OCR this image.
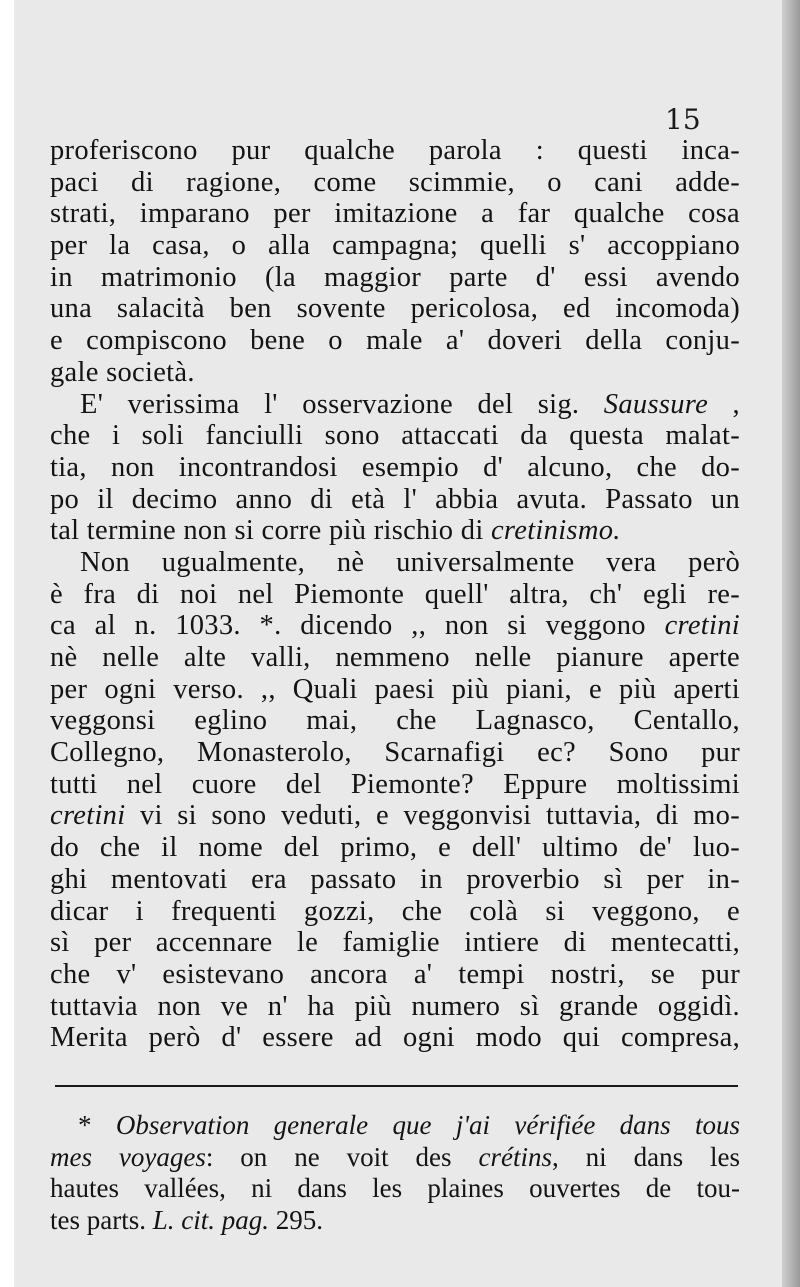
15
proferiscono pur qualche parola : questi inca-
paci di ragione, come scimmie, o cani adde-
strati, imparano per imitazione a far qualche cosa
per la casa, o alla campagna; quelli s' accoppiano
in matrimonio (la maggior parte d' essi avendo
una salacità ben sovente pericolosa, ed incomoda)
e compiscono bene o male a' doveri della conju-
gale società.
E' verissima l' osservazione del sig. Saussure ,
che i soli fanciulli sono attaccati da questa malat-
tia, non incontrandosi esempio d' alcuno, che do-
po il decimo anno di età l' abbia avuta. Passato un
tal termine non si corre più rischio di cretinismo.
Non ugualmente, nè universalmente vera però
è fra di noi nel Piemonte quell' altra, ch' egli re-
ca al n. 1033. *. dicendo ,, non si veggono cretini
nè nelle alte valli, nemmeno nelle pianure aperte
per ogni verso. ,, Quali paesi più piani, e più aperti
veggonsi eglino mai, che Lagnasco, Centallo,
Collegno, Monasterolo, Scarnafigi ec? Sono pur
tutti nel cuore del Piemonte? Eppure moltissimi
cretini vi si sono veduti, e veggonvisi tuttavia, di mo-
do che il nome del primo, e dell' ultimo de' luo-
ghi mentovati era passato in proverbio sì per in-
dicar i frequenti gozzi, che colà si veggono, e
sì per accennare le famiglie intiere di mentecatti,
che v' esistevano ancora a' tempi nostri, se pur
tuttavia non ve n' ha più numero sì grande oggidì.
Merita però d' essere ad ogni modo qui compresa,
* Observation generale que j'ai vérifiée dans tous
mes voyages: on ne voit des crétins, ni dans les
hautes vallées, ni dans les plaines ouvertes de tou-
tes parts. L. cit. pag. 295.
